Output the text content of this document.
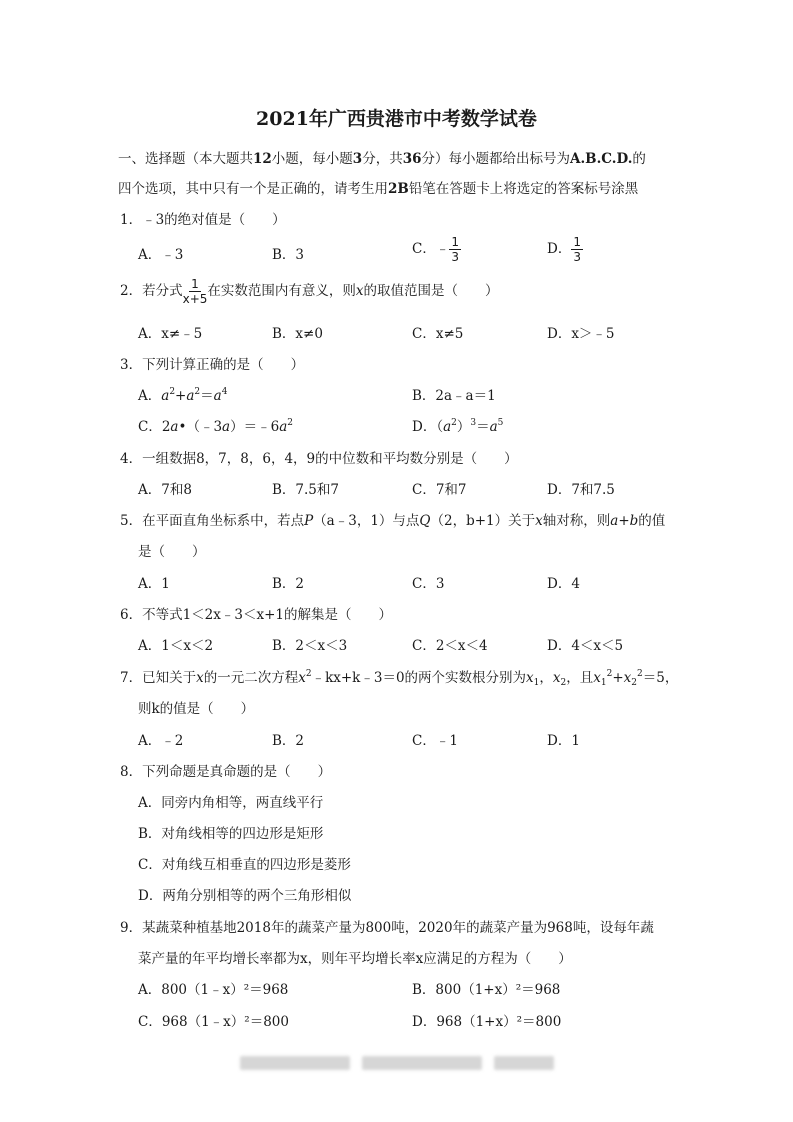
2021年广西贵港市中考数学试卷
一、选择题（本大题共12小题，每小题3分，共36分）每小题都给出标号为A.B.C.D.的
四个选项，其中只有一个是正确的，请考生用2B铅笔在答题卡上将选定的答案标号涂黑
1．﹣3的绝对值是（　　）
A．﹣3	B．3	C．﹣ $\frac{1}{3}$	D． $\frac{1}{3}$
2．若分式 $\frac{1}{x+5}$ 在实数范围内有意义，则x的取值范围是（　　）
A．x≠﹣5	B．x≠0	C．x≠5	D．x＞﹣5
3．下列计算正确的是（　　）
A．$a^2+a^2=a^4$	B．2a﹣a＝1
C．$2a•(﹣3a)=﹣6a^2$	D．$(a^2)^3=a^5$
4．一组数据8，7，8，6，4，9的中位数和平均数分别是（　　）
A．7和8	B．7.5和7	C．7和7	D．7和7.5
5．在平面直角坐标系中，若点P（a﹣3，1）与点Q（2，b+1）关于x轴对称，则a+b的值
是（　　）
A．1	B．2	C．3	D．4
6．不等式1＜2x﹣3＜x+1的解集是（　　）
A．1＜x＜2	B．2＜x＜3	C．2＜x＜4	D．4＜x＜5
7．已知关于x的一元二次方程$x^2﹣kx+k﹣3=0$的两个实数根分别为$x_1$，$x_2$，且$x_1^2+x_2^2=5$，
则k的值是（　　）
A．﹣2	B．2	C．﹣1	D．1
8．下列命题是真命题的是（　　）
A．同旁内角相等，两直线平行
B．对角线相等的四边形是矩形
C．对角线互相垂直的四边形是菱形
D．两角分别相等的两个三角形相似
9．某蔬菜种植基地2018年的蔬菜产量为800吨，2020年的蔬菜产量为968吨，设每年蔬
菜产量的年平均增长率都为x，则年平均增长率x应满足的方程为（　　）
A．800（1﹣x）²＝968	B．800（1+x）²＝968
C．968（1﹣x）²＝800	D．968（1+x）²＝800
